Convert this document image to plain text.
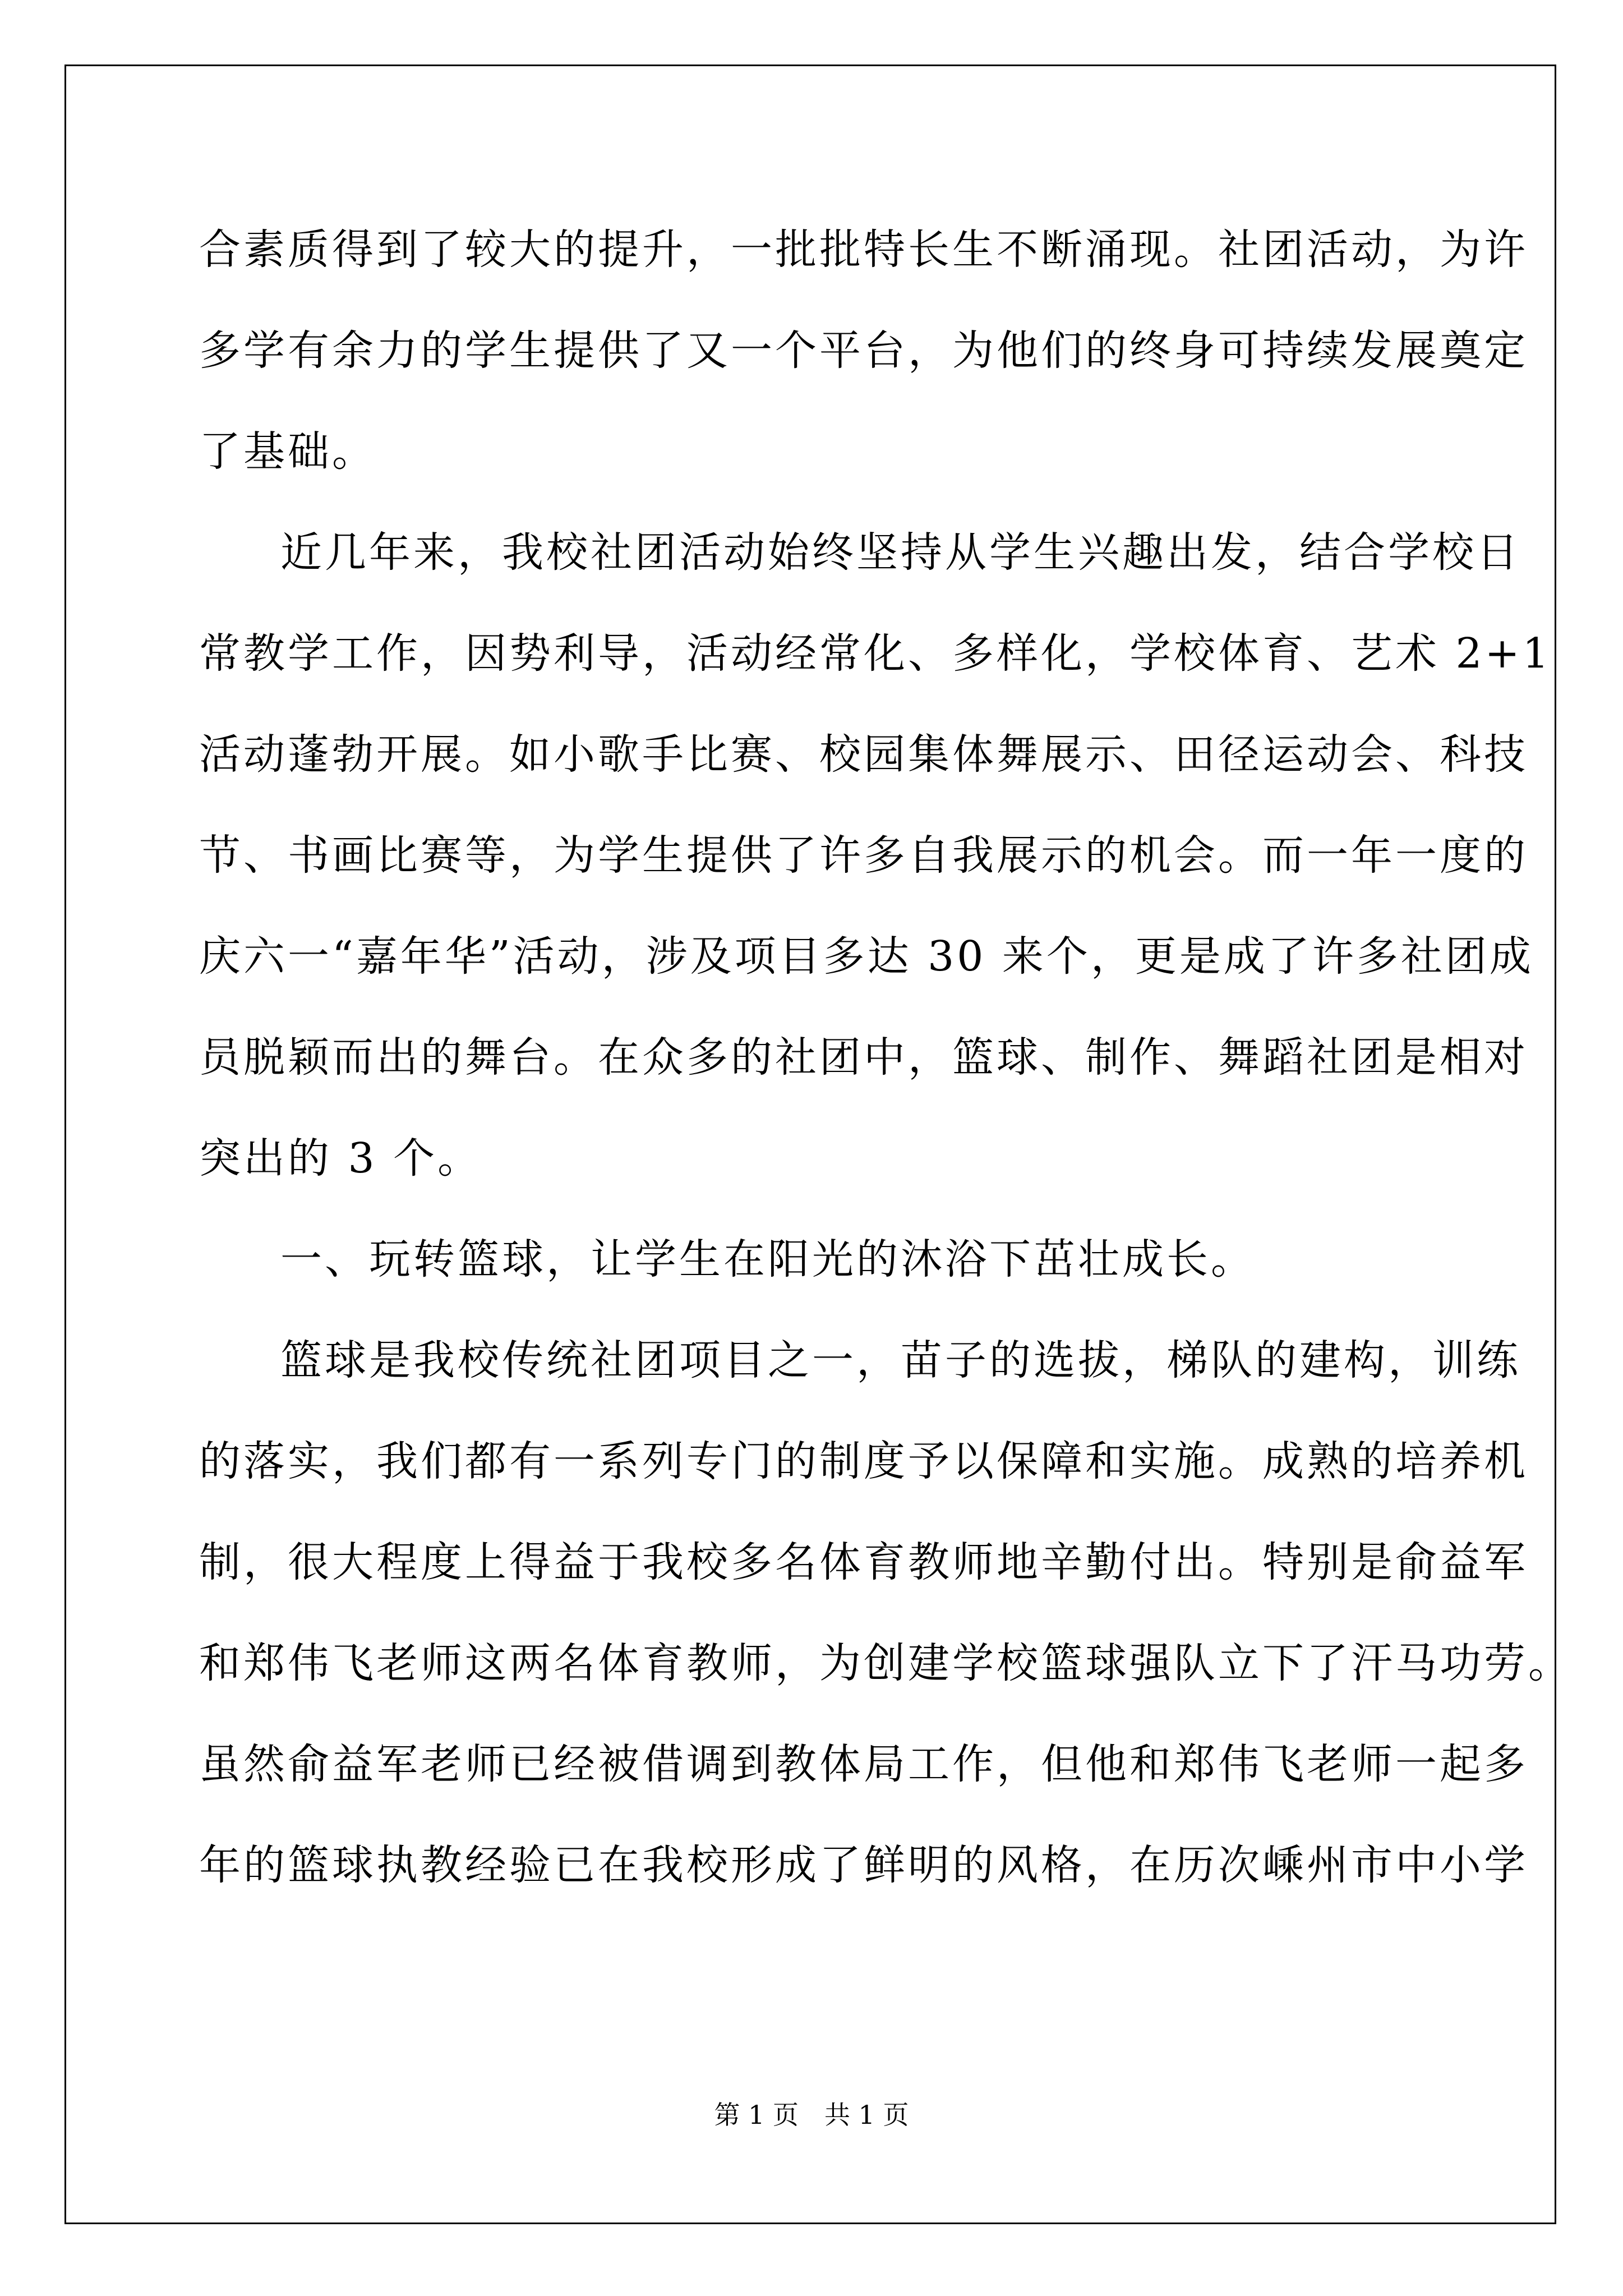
合素质得到了较大的提升，一批批特长生不断涌现。社团活动，为许
多学有余力的学生提供了又一个平台，为他们的终身可持续发展奠定
了基础。
近几年来，我校社团活动始终坚持从学生兴趣出发，结合学校日
常教学工作，因势利导，活动经常化、多样化，学校体育、艺术 2+1
活动蓬勃开展。如小歌手比赛、校园集体舞展示、田径运动会、科技
节、书画比赛等，为学生提供了许多自我展示的机会。而一年一度的
庆六一“嘉年华”活动，涉及项目多达 30 来个，更是成了许多社团成
员脱颖而出的舞台。在众多的社团中，篮球、制作、舞蹈社团是相对
突出的 3 个。
一、玩转篮球，让学生在阳光的沐浴下茁壮成长。
篮球是我校传统社团项目之一，苗子的选拔，梯队的建构，训练
的落实，我们都有一系列专门的制度予以保障和实施。成熟的培养机
制，很大程度上得益于我校多名体育教师地辛勤付出。特别是俞益军
和郑伟飞老师这两名体育教师，为创建学校篮球强队立下了汗马功劳。
虽然俞益军老师已经被借调到教体局工作，但他和郑伟飞老师一起多
年的篮球执教经验已在我校形成了鲜明的风格，在历次嵊州市中小学
第 1 页　共 1 页
